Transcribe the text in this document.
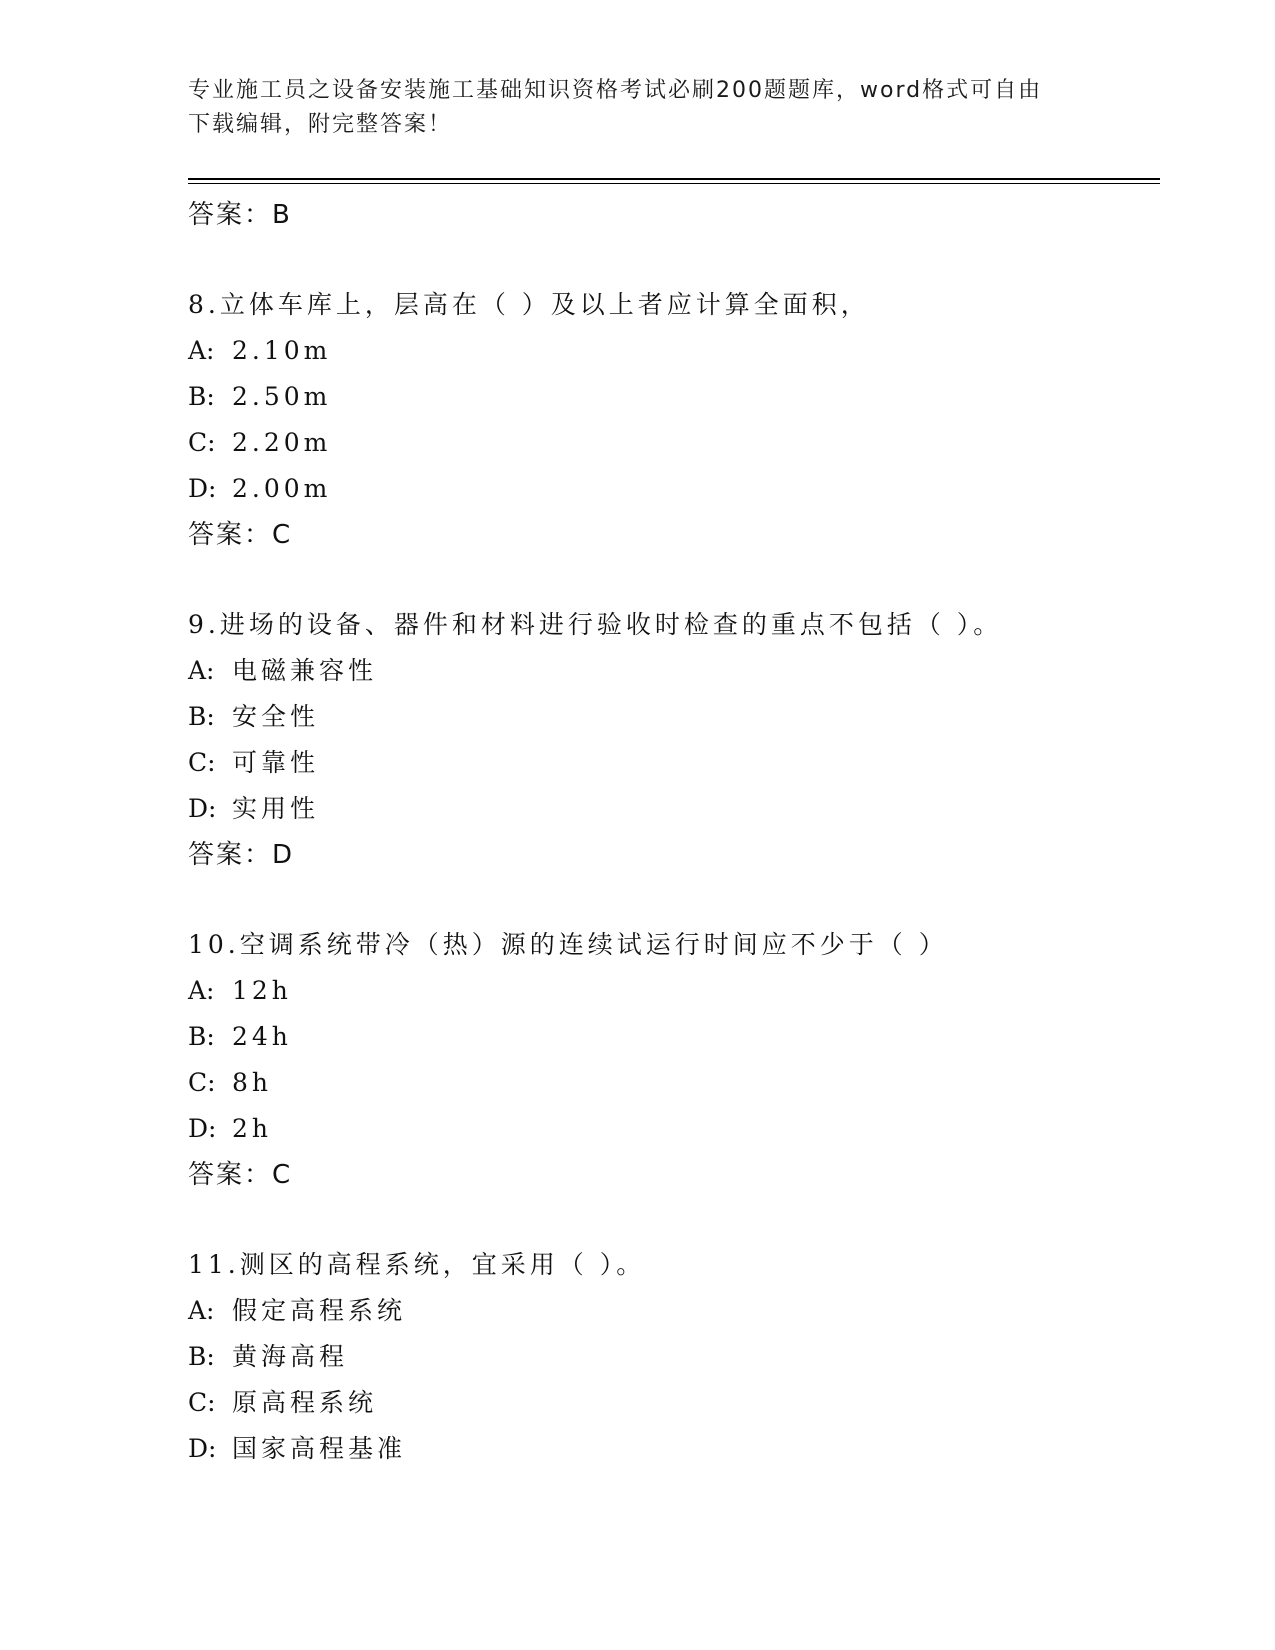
专业施工员之设备安装施工基础知识资格考试必刷200题题库，word格式可自由
下载编辑，附完整答案！
答案：B
8.立体车库上，层高在（ ）及以上者应计算全面积，
A: 2.10m
B: 2.50m
C: 2.20m
D: 2.00m
答案：C
9.进场的设备、器件和材料进行验收时检查的重点不包括（ ）。
A: 电磁兼容性
B: 安全性
C: 可靠性
D: 实用性
答案：D
10.空调系统带冷（热）源的连续试运行时间应不少于（ ）
A: 12h
B: 24h
C: 8h
D: 2h
答案：C
11.测区的高程系统，宜采用（ ）。
A: 假定高程系统
B: 黄海高程
C: 原高程系统
D: 国家高程基准
